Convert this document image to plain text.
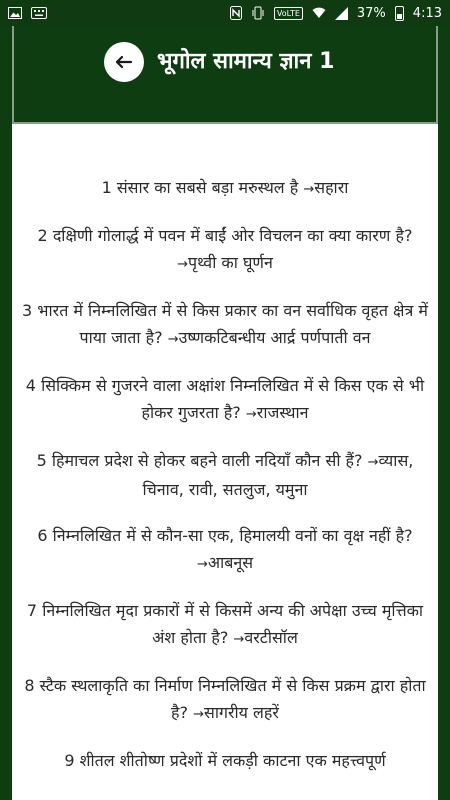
VoLTE	37% 4:13
भूगोल सामान्य ज्ञान 1
1 संसार का सबसे बड़ा मरुस्थल है →सहारा
2 दक्षिणी गोलार्द्ध में पवन में बाईं ओर विचलन का क्या कारण है? →पृथ्वी का घूर्णन
3 भारत में निम्नलिखित में से किस प्रकार का वन सर्वाधिक वृहत क्षेत्र में पाया जाता है? →उष्णकटिबन्धीय आर्द्र पर्णपाती वन
4 सिक्किम से गुजरने वाला अक्षांश निम्नलिखित में से किस एक से भी होकर गुजरता है? →राजस्थान
5 हिमाचल प्रदेश से होकर बहने वाली नदियाँ कौन सी हैं? →व्यास, चिनाव, रावी, सतलुज, यमुना
6 निम्नलिखित में से कौन-सा एक, हिमालयी वनों का वृक्ष नहीं है? →आबनूस
7 निम्नलिखित मृदा प्रकारों में से किसमें अन्य की अपेक्षा उच्च मृत्तिका अंश होता है? →वरटीसॉल
8 स्टैक स्थलाकृति का निर्माण निम्नलिखित में से किस प्रक्रम द्वारा होता है? →सागरीय लहरें
9 शीतल शीतोष्ण प्रदेशों में लकड़ी काटना एक महत्त्वपूर्ण
